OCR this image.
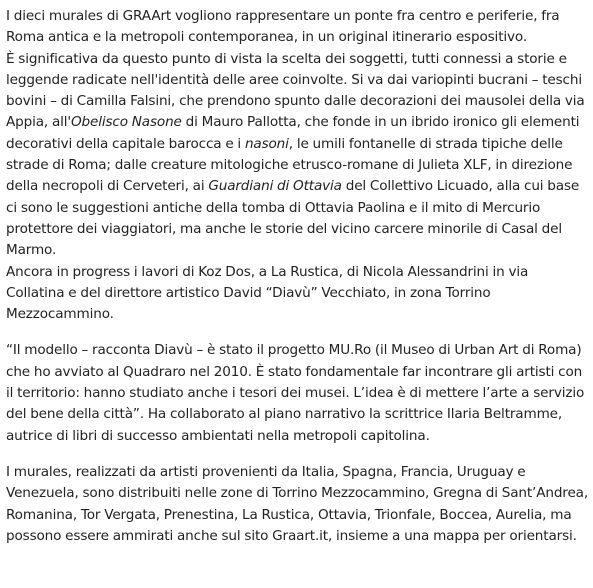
I dieci murales di GRAArt vogliono rappresentare un ponte fra centro e periferie, fra Roma antica e la metropoli contemporanea, in un original itinerario espositivo.
È significativa da questo punto di vista la scelta dei soggetti, tutti connessi a storie e leggende radicate nell'identità delle aree coinvolte. Si va dai variopinti bucrani – teschi bovini – di Camilla Falsini, che prendono spunto dalle decorazioni dei mausolei della via Appia, all'Obelisco Nasone di Mauro Pallotta, che fonde in un ibrido ironico gli elementi decorativi della capitale barocca e i nasoni, le umili fontanelle di strada tipiche delle strade di Roma; dalle creature mitologiche etrusco-romane di Julieta XLF, in direzione della necropoli di Cerveteri, ai Guardiani di Ottavia del Collettivo Licuado, alla cui base ci sono le suggestioni antiche della tomba di Ottavia Paolina e il mito di Mercurio protettore dei viaggiatori, ma anche le storie del vicino carcere minorile di Casal del Marmo.
Ancora in progress i lavori di Koz Dos, a La Rustica, di Nicola Alessandrini in via Collatina e del direttore artistico David “Diavù” Vecchiato, in zona Torrino Mezzocammino.

“Il modello – racconta Diavù – è stato il progetto MU.Ro (il Museo di Urban Art di Roma) che ho avviato al Quadraro nel 2010. È stato fondamentale far incontrare gli artisti con il territorio: hanno studiato anche i tesori dei musei. L’idea è di mettere l’arte a servizio del bene della città”. Ha collaborato al piano narrativo la scrittrice Ilaria Beltramme, autrice di libri di successo ambientati nella metropoli capitolina.

I murales, realizzati da artisti provenienti da Italia, Spagna, Francia, Uruguay e Venezuela, sono distribuiti nelle zone di Torrino Mezzocammino, Gregna di Sant’Andrea, Romanina, Tor Vergata, Prenestina, La Rustica, Ottavia, Trionfale, Boccea, Aurelia, ma possono essere ammirati anche sul sito Graart.it, insieme a una mappa per orientarsi.
